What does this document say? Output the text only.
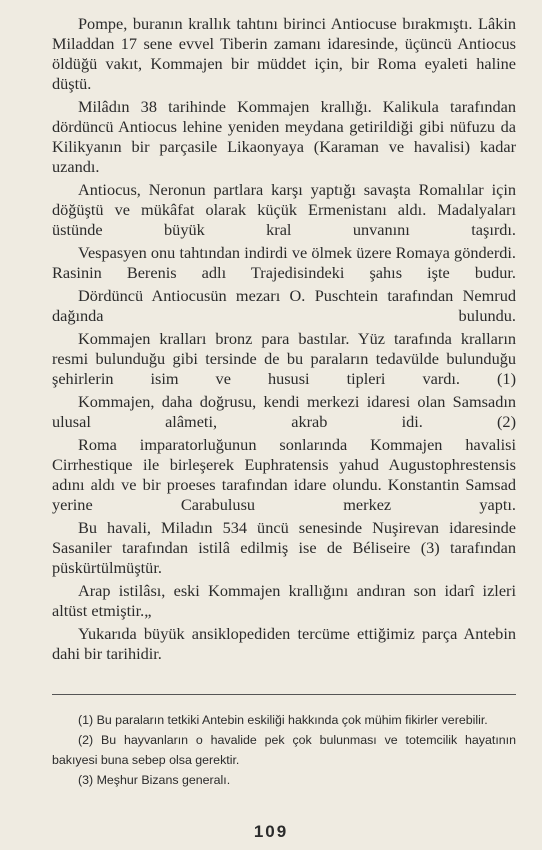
Pompe, buranın krallık tahtını birinci Antiocuse bırakmıştı. Lâkin Miladdan 17 sene evvel Tiberin zamanı idaresinde, üçüncü Antiocus öldüğü vakıt, Kommajen bir müddet için, bir Roma eyaleti haline düştü.

Milâdın 38 tarihinde Kommajen krallığı. Kalikula tarafından dördüncü Antiocus lehine yeniden meydana getirildiği gibi nüfuzu da Kilikyanın bir parçasile Likaonyaya (Karaman ve havalisi) kadar uzandı.

Antiocus, Neronun partlara karşı yaptığı savaşta Romalılar için döğüştü ve mükâfat olarak küçük Ermenistanı aldı. Madalyaları üstünde büyük kral unvanını taşırdı.

Vespasyen onu tahtından indirdi ve ölmek üzere Romaya gönderdi. Rasinin Berenis adlı Trajedisindeki şahıs işte budur.

Dördüncü Antiocusün mezarı O. Puschtein tarafından Nemrud dağında bulundu.

Kommajen kralları bronz para bastılar. Yüz tarafında kralların resmi bulunduğu gibi tersinde de bu paraların tedavülde bulunduğu şehirlerin isim ve hususi tipleri vardı. (1)

Kommajen, daha doğrusu, kendi merkezi idaresi olan Samsadın ulusal alâmeti, akrab idi. (2)

Roma imparatorluğunun sonlarında Kommajen havalisi Cirrhestique ile birleşerek Euphratensis yahud Augustophrestensis adını aldı ve bir proeses tarafından idare olundu. Konstantin Samsad yerine Carabulusu merkez yaptı.

Bu havali, Miladın 534 üncü senesinde Nuşirevan idaresinde Sasaniler tarafından istilâ edilmiş ise de Béliseire (3) tarafından püskürtülmüştür.

Arap istilâsı, eski Kommajen krallığını andıran son idarî izleri altüst etmiştir.„

Yukarıda büyük ansiklopediden tercüme ettiğimiz parça Antebin dahi bir tarihidir.

(1) Bu paraların tetkiki Antebin eskiliği hakkında çok mühim fikirler verebilir.

(2) Bu hayvanların o havalide pek çok bulunması ve totemcilik hayatının bakıyesi buna sebep olsa gerektir.

(3) Meşhur Bizans generalı.

109
